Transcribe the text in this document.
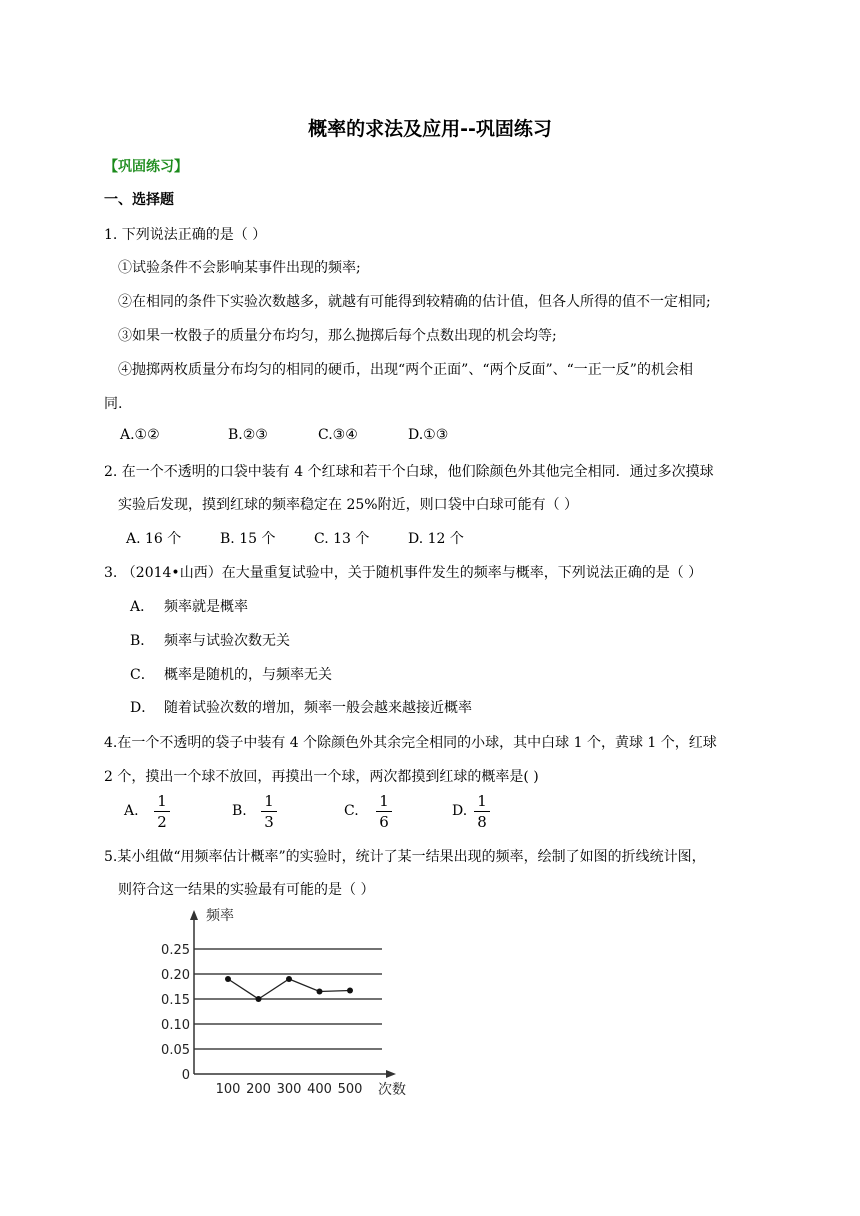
概率的求法及应用--巩固练习
【巩固练习】
一、选择题
1. 下列说法正确的是（ ）
①试验条件不会影响某事件出现的频率;
②在相同的条件下实验次数越多，就越有可能得到较精确的估计值，但各人所得的值不一定相同;
③如果一枚骰子的质量分布均匀，那么抛掷后每个点数出现的机会均等;
④抛掷两枚质量分布均匀的相同的硬币，出现“两个正面”、“两个反面”、“一正一反”的机会相
同.
A.①②	B.②③	C.③④	D.①③
2. 在一个不透明的口袋中装有 4 个红球和若干个白球，他们除颜色外其他完全相同．通过多次摸球
实验后发现，摸到红球的频率稳定在 25%附近，则口袋中白球可能有（ ）
A. 16 个	B. 15 个	C. 13 个	D. 12 个
3. （2014•山西）在大量重复试验中，关于随机事件发生的频率与概率，下列说法正确的是（ ）
A． 频率就是概率
B． 频率与试验次数无关
C． 概率是随机的，与频率无关
D． 随着试验次数的增加，频率一般会越来越接近概率
4.在一个不透明的袋子中装有 4 个除颜色外其余完全相同的小球，其中白球 1 个，黄球 1 个，红球
2 个，摸出一个球不放回，再摸出一个球，两次都摸到红球的概率是( )
A.
1
2
B.
1
3
C.
1
6
D.
1
8
5.某小组做“用频率估计概率”的实验时，统计了某一结果出现的频率，绘制了如图的折线统计图，
则符合这一结果的实验最有可能的是（ ）
频率
次数
0
0.05
0.10
0.15
0.20
0.25
100 200 300 400 500
